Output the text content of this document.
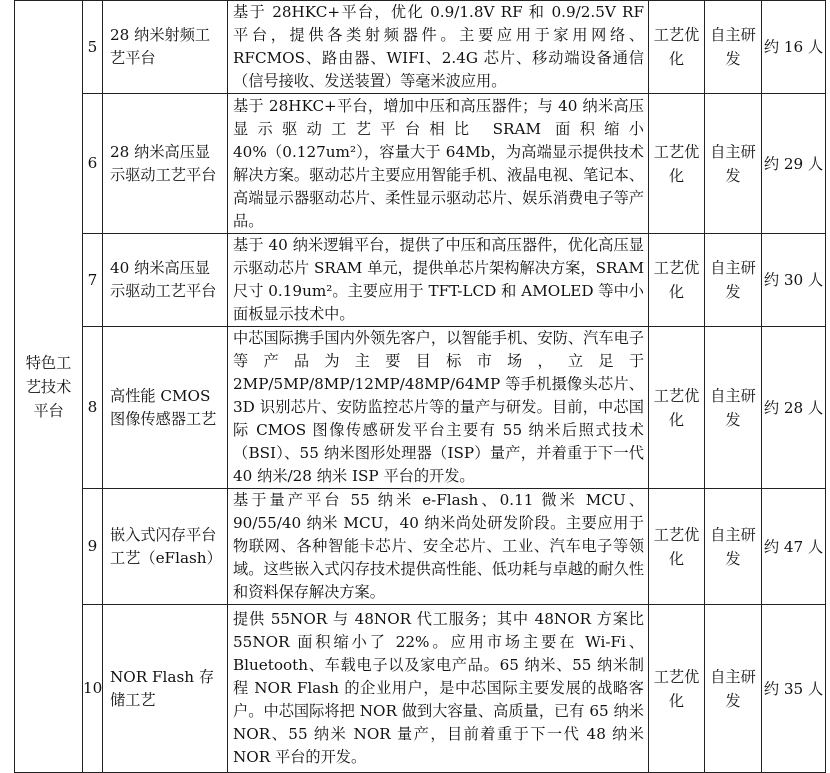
特色工艺技术平台	5	28 纳米射频工艺平台	基于 28HKC+平台，优化 0.9/1.8V RF 和 0.9/2.5V RF 平台，提供各类射频器件。主要应用于家用网络、RFCMOS、路由器、WIFI、2.4G 芯片、移动端设备通信（信号接收、发送装置）等毫米波应用。	工艺优化	自主研发	约 16 人
	6	28 纳米高压显示驱动工艺平台	基于 28HKC+平台，增加中压和高压器件；与 40 纳米高压显示驱动工艺平台相比 SRAM 面积缩小 40%（0.127um²），容量大于 64Mb，为高端显示提供技术解决方案。驱动芯片主要应用智能手机、液晶电视、笔记本、高端显示器驱动芯片、柔性显示驱动芯片、娱乐消费电子等产品。	工艺优化	自主研发	约 29 人
	7	40 纳米高压显示驱动工艺平台	基于 40 纳米逻辑平台，提供了中压和高压器件，优化高压显示驱动芯片 SRAM 单元，提供单芯片架构解决方案，SRAM 尺寸 0.19um²。主要应用于 TFT-LCD 和 AMOLED 等中小面板显示技术中。	工艺优化	自主研发	约 30 人
	8	高性能 CMOS 图像传感器工艺	中芯国际携手国内外领先客户，以智能手机、安防、汽车电子等产品为主要目标市场，立足于 2MP/5MP/8MP/12MP/48MP/64MP 等手机摄像头芯片、3D 识别芯片、安防监控芯片等的量产与研发。目前，中芯国际 CMOS 图像传感研发平台主要有 55 纳米后照式技术（BSI）、55 纳米图形处理器（ISP）量产，并着重于下一代 40 纳米/28 纳米 ISP 平台的开发。	工艺优化	自主研发	约 28 人
	9	嵌入式闪存平台工艺（eFlash）	基于量产平台 55 纳米 e-Flash、0.11 微米 MCU、90/55/40 纳米 MCU，40 纳米尚处研发阶段。主要应用于物联网、各种智能卡芯片、安全芯片、工业、汽车电子等领域。这些嵌入式闪存技术提供高性能、低功耗与卓越的耐久性和资料保存解决方案。	工艺优化	自主研发	约 47 人
	10	NOR Flash 存储工艺	提供 55NOR 与 48NOR 代工服务；其中 48NOR 方案比 55NOR 面积缩小了 22%。应用市场主要在 Wi-Fi、Bluetooth、车载电子以及家电产品。65 纳米、55 纳米制程 NOR Flash 的企业用户，是中芯国际主要发展的战略客户。中芯国际将把 NOR 做到大容量、高质量，已有 65 纳米 NOR、55 纳米 NOR 量产，目前着重于下一代 48 纳米 NOR 平台的开发。	工艺优化	自主研发	约 35 人
